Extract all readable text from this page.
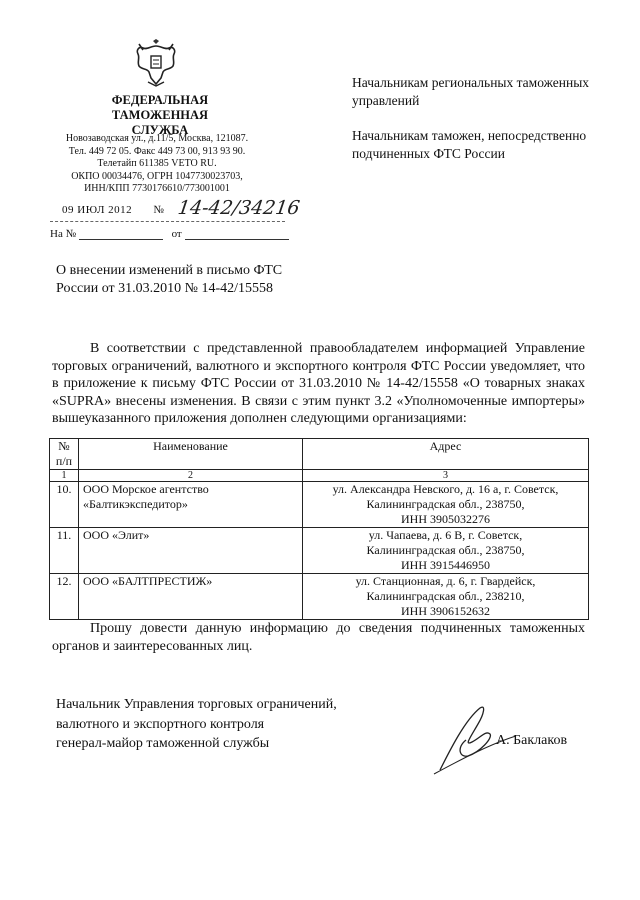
ФЕДЕРАЛЬНАЯ
ТАМОЖЕННАЯ СЛУЖБА
Новозаводская ул., д.11/5, Москва, 121087.
Тел. 449 72 05. Факс 449 73 00, 913 93 90.
Телетайп 611385 VETO RU.
ОКПО 00034476, ОГРН 1047730023703,
ИНН/КПП 7730176610/773001001
09 ИЮЛ 2012 № 14-42/34216
На №	от

Начальникам региональных таможенных управлений

Начальникам таможен, непосредственно подчиненных ФТС России

О внесении изменений в письмо ФТС России от 31.03.2010 № 14-42/15558
В соответствии с представленной правообладателем информацией Управление торговых ограничений, валютного и экспортного контроля ФТС России уведомляет, что в приложение к письму ФТС России от 31.03.2010 № 14-42/15558 «О товарных знаках «SUPRA» внесены изменения. В связи с этим пункт 3.2 «Уполномоченные импортеры» вышеуказанного приложения дополнен следующими организациями:
№ п/п	Наименование	Адрес
1	2	3
10.	ООО Морское агентство «Балтикэкспедитор»	ул. Александра Невского, д. 16 а, г. Советск,
Калининградская обл., 238750,
ИНН 3905032276

11.	ООО «Элит»	ул. Чапаева, д. 6 В, г. Советск,
Калининградская обл., 238750,
ИНН 3915446950

12.	ООО «БАЛТПРЕСТИЖ»	ул. Станционная, д. 6, г. Гвардейск,
Калининградская обл., 238210,
ИНН 3906152632
Прошу довести данную информацию до сведения подчиненных таможенных органов и заинтересованных лиц.
Начальник Управления торговых ограничений,
валютного и экспортного контроля
генерал-майор таможенной службы	А. Баклаков
